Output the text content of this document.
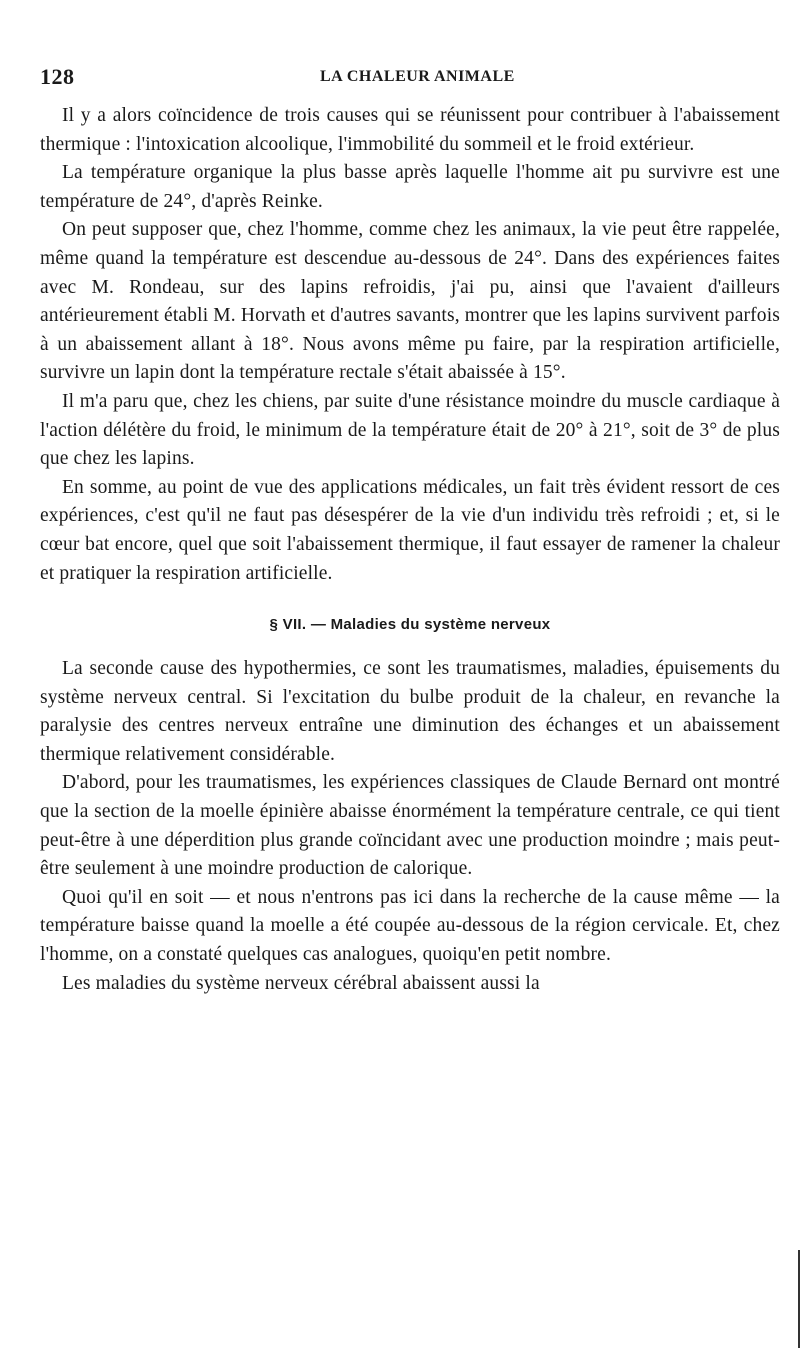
128	LA CHALEUR ANIMALE

Il y a alors coïncidence de trois causes qui se réunissent pour contribuer à l'abaissement thermique : l'intoxication alcoolique, l'immobilité du sommeil et le froid extérieur.

La température organique la plus basse après laquelle l'homme ait pu survivre est une température de 24°, d'après Reinke.

On peut supposer que, chez l'homme, comme chez les animaux, la vie peut être rappelée, même quand la température est descendue au-dessous de 24°. Dans des expériences faites avec M. Rondeau, sur des lapins refroidis, j'ai pu, ainsi que l'avaient d'ailleurs antérieurement établi M. Horvath et d'autres savants, montrer que les lapins survivent parfois à un abaissement allant à 18°. Nous avons même pu faire, par la respiration artificielle, survivre un lapin dont la température rectale s'était abaissée à 15°.

Il m'a paru que, chez les chiens, par suite d'une résistance moindre du muscle cardiaque à l'action délétère du froid, le minimum de la température était de 20° à 21°, soit de 3° de plus que chez les lapins.

En somme, au point de vue des applications médicales, un fait très évident ressort de ces expériences, c'est qu'il ne faut pas désespérer de la vie d'un individu très refroidi ; et, si le cœur bat encore, quel que soit l'abaissement thermique, il faut essayer de ramener la chaleur et pratiquer la respiration artificielle.

§ VII. — Maladies du système nerveux

La seconde cause des hypothermies, ce sont les traumatismes, maladies, épuisements du système nerveux central. Si l'excitation du bulbe produit de la chaleur, en revanche la paralysie des centres nerveux entraîne une diminution des échanges et un abaissement thermique relativement considérable.

D'abord, pour les traumatismes, les expériences classiques de Claude Bernard ont montré que la section de la moelle épinière abaisse énormément la température centrale, ce qui tient peut-être à une déperdition plus grande coïncidant avec une production moindre ; mais peut-être seulement à une moindre production de calorique.

Quoi qu'il en soit — et nous n'entrons pas ici dans la recherche de la cause même — la température baisse quand la moelle a été coupée au-dessous de la région cervicale. Et, chez l'homme, on a constaté quelques cas analogues, quoiqu'en petit nombre.

Les maladies du système nerveux cérébral abaissent aussi la
